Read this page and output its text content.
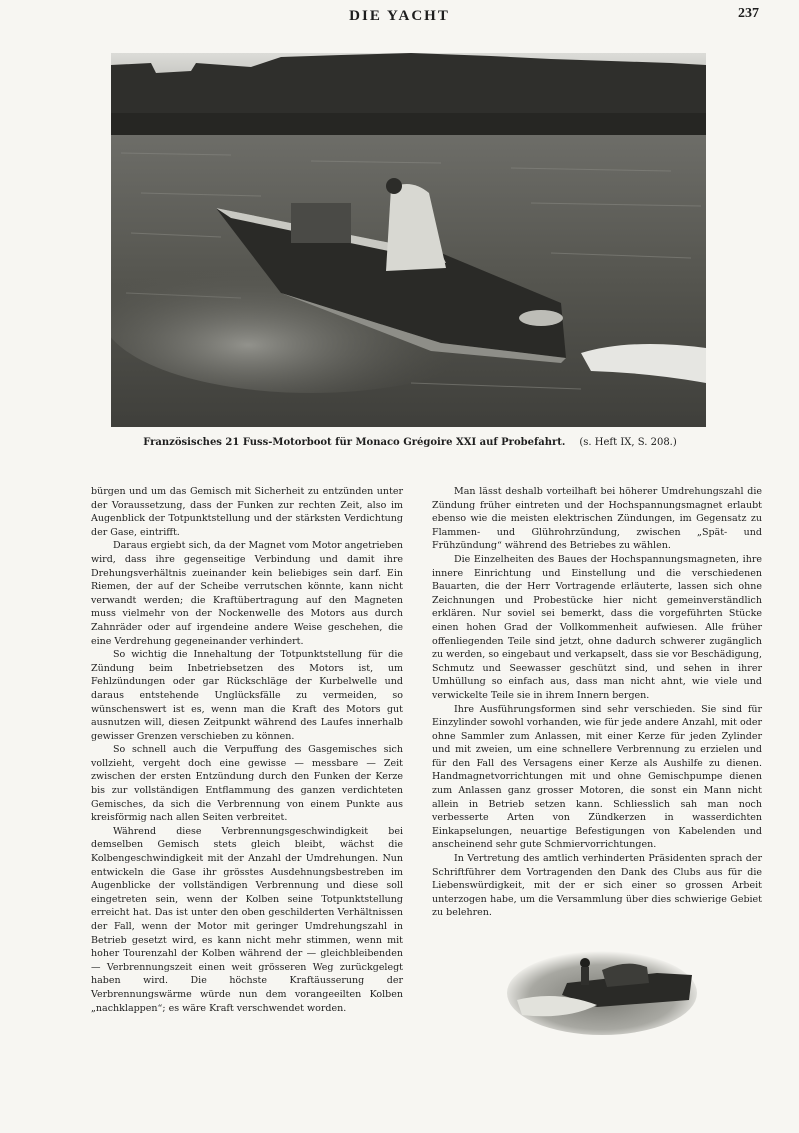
DIE YACHT	237
Französisches 21 Fuss-Motorboot für Monaco Grégoire XXI auf Probefahrt. (s. Heft IX, S. 208.)

bürgen und um das Gemisch mit Sicherheit zu entzünden unter der Voraussetzung, dass der Funken zur rechten Zeit, also im Augenblick der Totpunktstellung und der stärksten Verdichtung der Gase, eintrifft.

Daraus ergiebt sich, da der Magnet vom Motor angetrieben wird, dass ihre gegenseitige Verbindung und damit ihre Drehungsverhältnis zueinander kein beliebiges sein darf. Ein Riemen, der auf der Scheibe verrutschen könnte, kann nicht verwandt werden; die Kraftübertragung auf den Magneten muss vielmehr von der Nockenwelle des Motors aus durch Zahnräder oder auf irgendeine andere Weise geschehen, die eine Verdrehung gegeneinander verhindert.

So wichtig die Innehaltung der Totpunktstellung für die Zündung beim Inbetriebsetzen des Motors ist, um Fehlzündungen oder gar Rückschläge der Kurbelwelle und daraus entstehende Unglücksfälle zu vermeiden, so wünschenswert ist es, wenn man die Kraft des Motors gut ausnutzen will, diesen Zeitpunkt während des Laufes innerhalb gewisser Grenzen verschieben zu können.

So schnell auch die Verpuffung des Gasgemisches sich vollzieht, vergeht doch eine gewisse — messbare — Zeit zwischen der ersten Entzündung durch den Funken der Kerze bis zur vollständigen Entflammung des ganzen verdichteten Gemisches, da sich die Verbrennung von einem Punkte aus kreisförmig nach allen Seiten verbreitet.

Während diese Verbrennungsgeschwindigkeit bei demselben Gemisch stets gleich bleibt, wächst die Kolbengeschwindigkeit mit der Anzahl der Umdrehungen. Nun entwickeln die Gase ihr grösstes Ausdehnungsbestreben im Augenblicke der vollständigen Verbrennung und diese soll eingetreten sein, wenn der Kolben seine Totpunktstellung erreicht hat. Das ist unter den oben geschilderten Verhältnissen der Fall, wenn der Motor mit geringer Umdrehungszahl in Betrieb gesetzt wird, es kann nicht mehr stimmen, wenn mit hoher Tourenzahl der Kolben während der — gleichbleibenden — Verbrennungszeit einen weit grösseren Weg zurückgelegt haben wird. Die höchste Kraftäusserung der Verbrennungswärme würde nun dem vorangeeilten Kolben „nachklappen“; es wäre Kraft verschwendet worden.

Man lässt deshalb vorteilhaft bei höherer Umdrehungszahl die Zündung früher eintreten und der Hochspannungsmagnet erlaubt ebenso wie die meisten elektrischen Zündungen, im Gegensatz zu Flammen- und Glührohrzündung, zwischen „Spät- und Frühzündung“ während des Betriebes zu wählen.

Die Einzelheiten des Baues der Hochspannungsmagneten, ihre innere Einrichtung und Einstellung und die verschiedenen Bauarten, die der Herr Vortragende erläuterte, lassen sich ohne Zeichnungen und Probestücke hier nicht gemeinverständlich erklären. Nur soviel sei bemerkt, dass die vorgeführten Stücke einen hohen Grad der Vollkommenheit aufwiesen. Alle früher offenliegenden Teile sind jetzt, ohne dadurch schwerer zugänglich zu werden, so eingebaut und verkapselt, dass sie vor Beschädigung, Schmutz und Seewasser geschützt sind, und sehen in ihrer Umhüllung so einfach aus, dass man nicht ahnt, wie viele und verwickelte Teile sie in ihrem Innern bergen.

Ihre Ausführungsformen sind sehr verschieden. Sie sind für Einzylinder sowohl vorhanden, wie für jede andere Anzahl, mit oder ohne Sammler zum Anlassen, mit einer Kerze für jeden Zylinder und mit zweien, um eine schnellere Verbrennung zu erzielen und für den Fall des Versagens einer Kerze als Aushilfe zu dienen. Handmagnetvorrichtungen mit und ohne Gemischpumpe dienen zum Anlassen ganz grosser Motoren, die sonst ein Mann nicht allein in Betrieb setzen kann. Schliesslich sah man noch verbesserte Arten von Zündkerzen in wasserdichten Einkapselungen, neuartige Befestigungen von Kabelenden und anscheinend sehr gute Schmiervorrichtungen.

In Vertretung des amtlich verhinderten Präsidenten sprach der Schriftführer dem Vortragenden den Dank des Clubs aus für die Liebenswürdigkeit, mit der er sich einer so grossen Arbeit unterzogen habe, um die Versammlung über dies schwierige Gebiet zu belehren.
